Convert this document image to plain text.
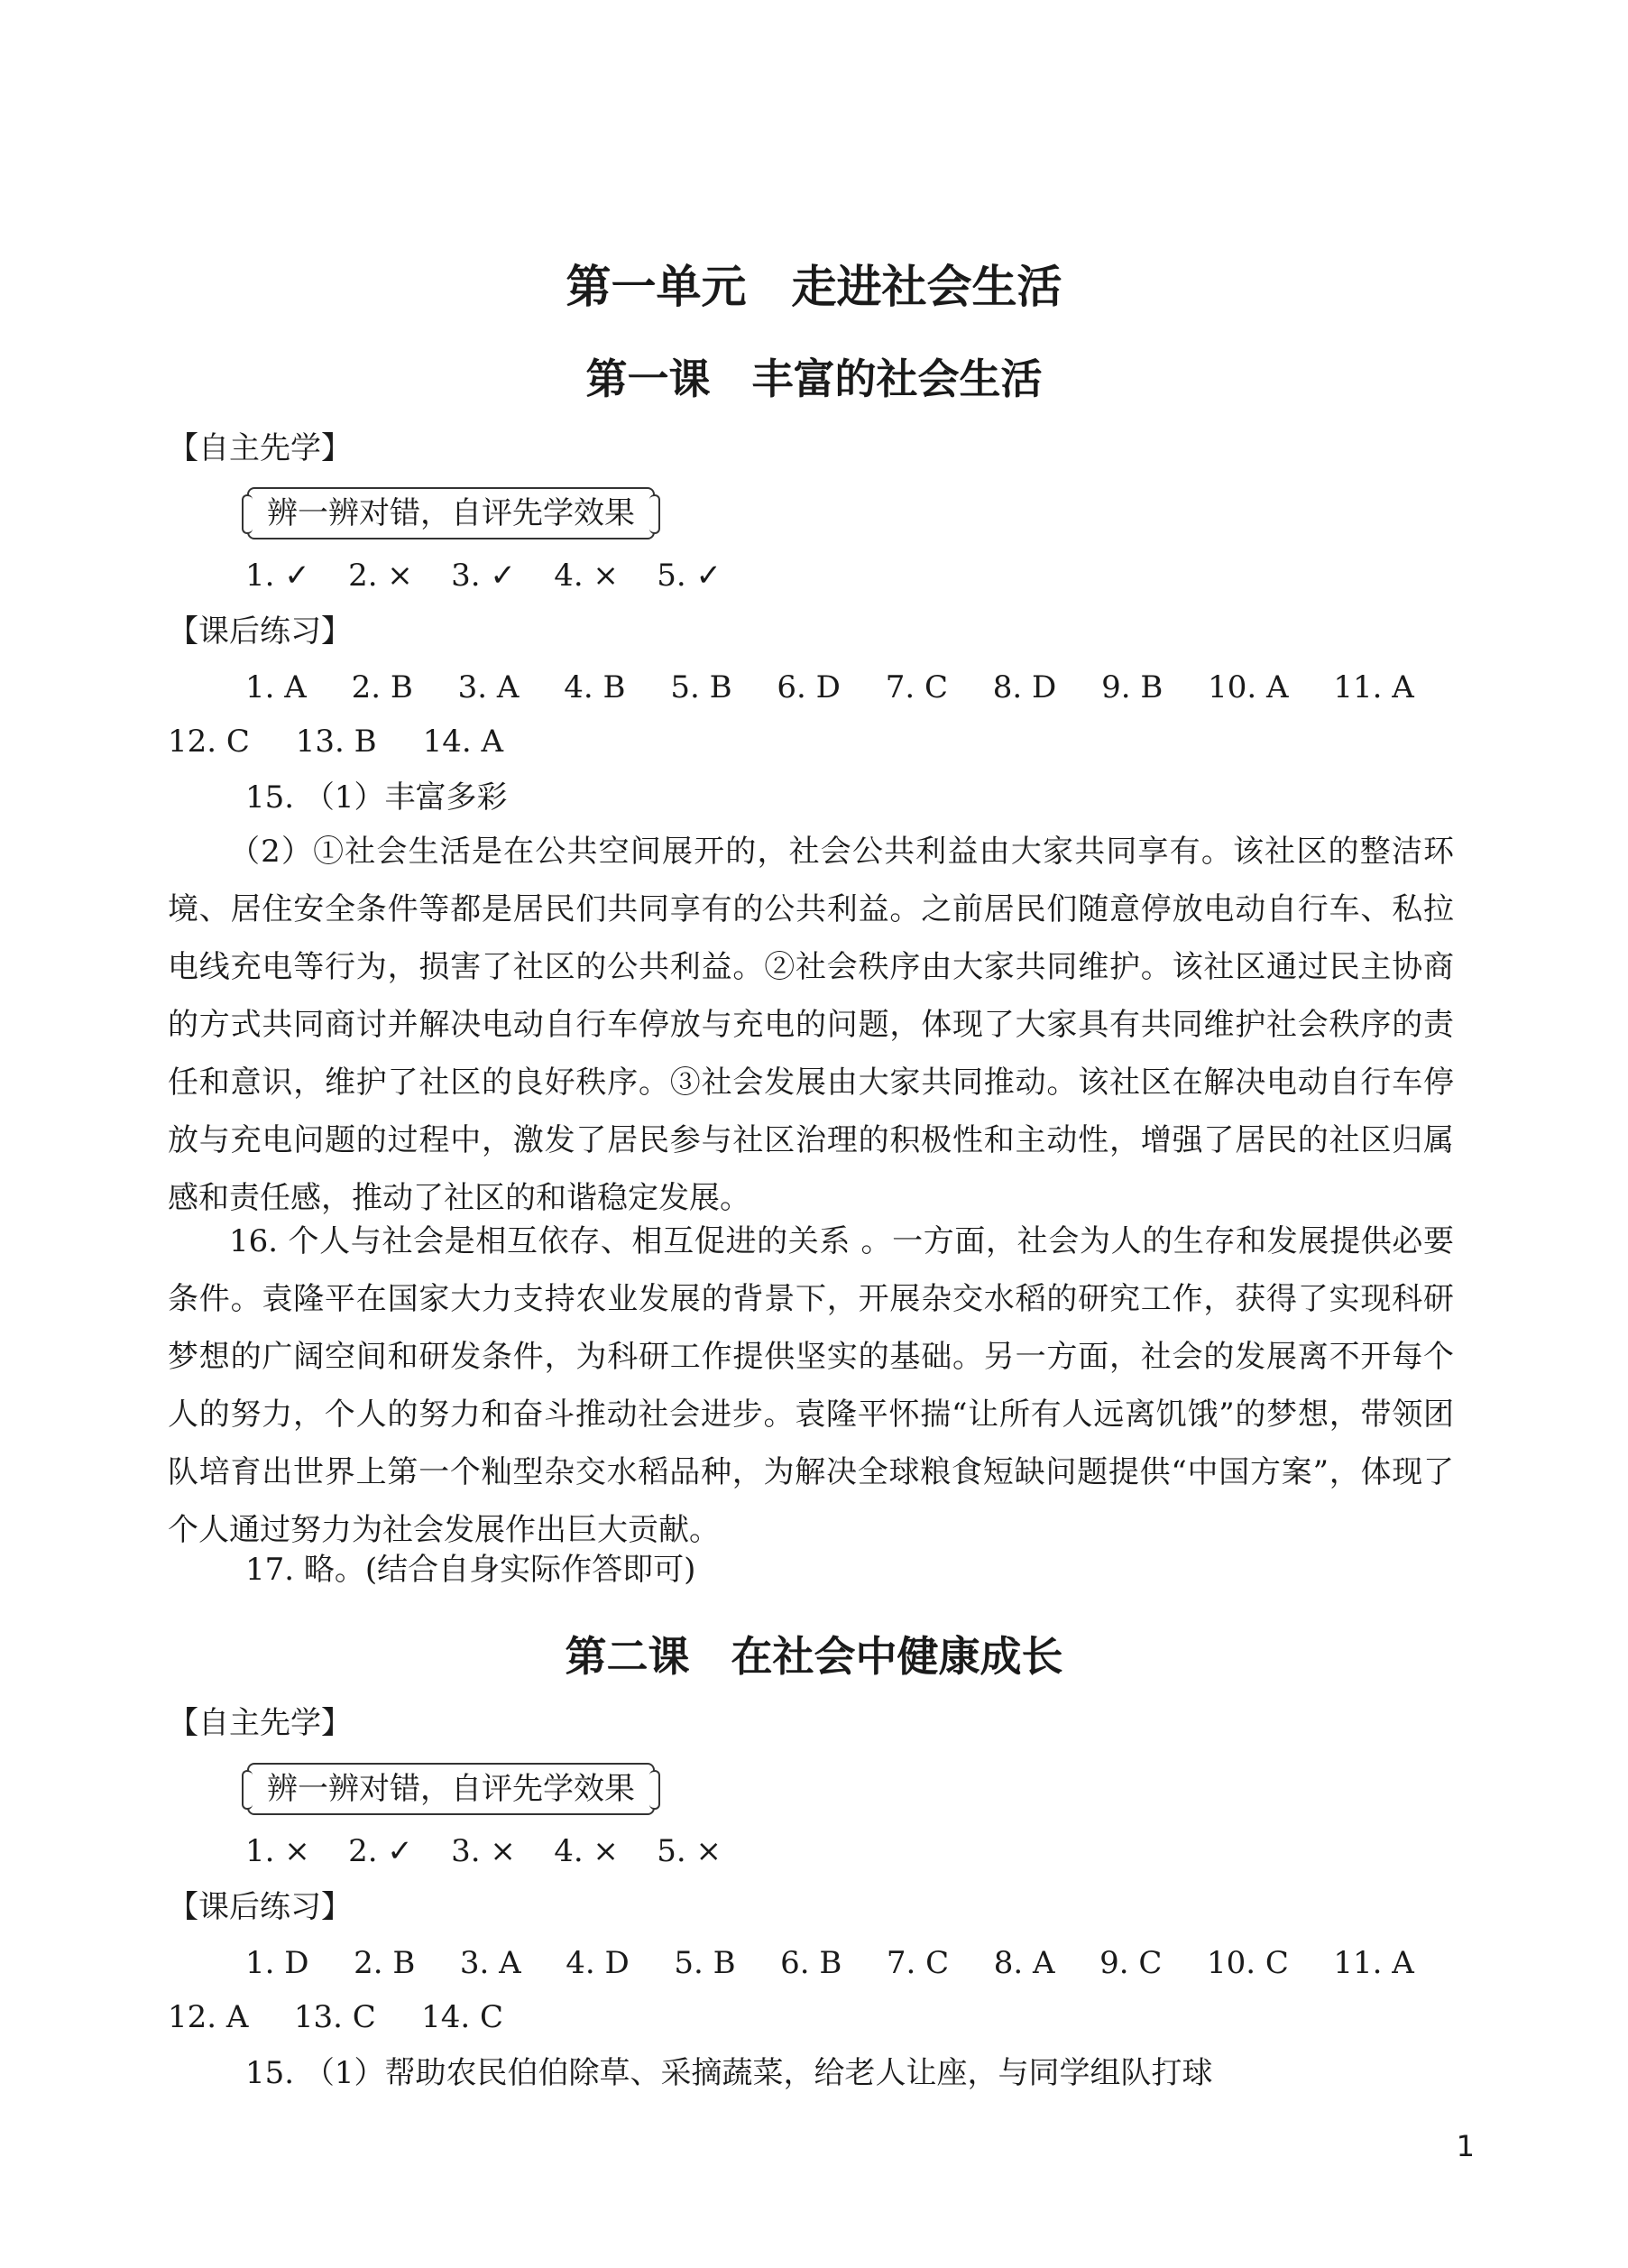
第一单元　走进社会生活
第一课　丰富的社会生活
【自主先学】
辨一辨对错，自评先学效果
1. ✓ 2. × 3. ✓ 4. × 5. ✓
【课后练习】
1. A 2. B 3. A 4. B 5. B 6. D 7. C 8. D 9. B 10. A 11. A
12. C 13. B 14. A
15. （1）丰富多彩
（2）①社会生活是在公共空间展开的，社会公共利益由大家共同享有。该社区的整洁环境、居住安全条件等都是居民们共同享有的公共利益。之前居民们随意停放电动自行车、私拉电线充电等行为，损害了社区的公共利益。②社会秩序由大家共同维护。该社区通过民主协商的方式共同商讨并解决电动自行车停放与充电的问题，体现了大家具有共同维护社会秩序的责任和意识，维护了社区的良好秩序。③社会发展由大家共同推动。该社区在解决电动自行车停放与充电问题的过程中，激发了居民参与社区治理的积极性和主动性，增强了居民的社区归属感和责任感，推动了社区的和谐稳定发展。
16. 个人与社会是相互依存、相互促进的关系 。一方面，社会为人的生存和发展提供必要条件。袁隆平在国家大力支持农业发展的背景下，开展杂交水稻的研究工作，获得了实现科研梦想的广阔空间和研发条件，为科研工作提供坚实的基础。另一方面，社会的发展离不开每个人的努力，个人的努力和奋斗推动社会进步。袁隆平怀揣“让所有人远离饥饿”的梦想，带领团队培育出世界上第一个籼型杂交水稻品种，为解决全球粮食短缺问题提供“中国方案”，体现了个人通过努力为社会发展作出巨大贡献。
17. 略。(结合自身实际作答即可)
第二课　在社会中健康成长
【自主先学】
辨一辨对错，自评先学效果
1. × 2. ✓ 3. × 4. × 5. ×
【课后练习】
1. D 2. B 3. A 4. D 5. B 6. B 7. C 8. A 9. C 10. C 11. A
12. A 13. C 14. C
15. （1）帮助农民伯伯除草、采摘蔬菜，给老人让座，与同学组队打球
1
